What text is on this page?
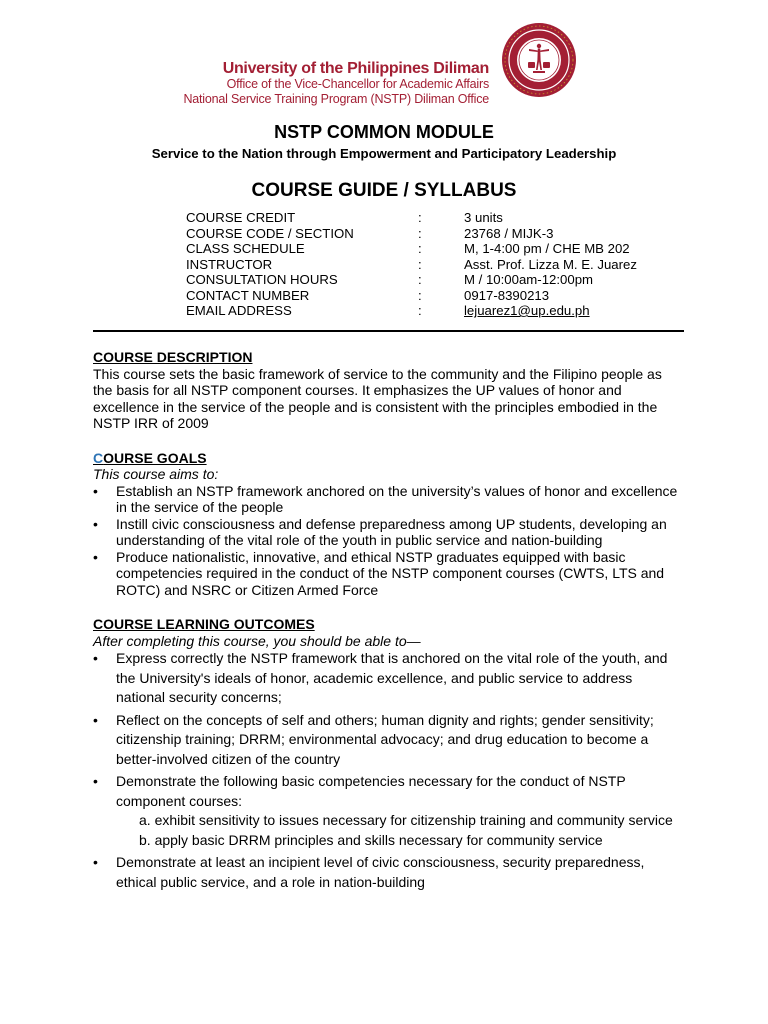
University of the Philippines Diliman
Office of the Vice-Chancellor for Academic Affairs
National Service Training Program (NSTP) Diliman Office
NSTP COMMON MODULE
Service to the Nation through Empowerment and Participatory Leadership
COURSE GUIDE / SYLLABUS
COURSE CREDIT	:	3 units
COURSE CODE / SECTION	:	23768 / MIJK-3
CLASS SCHEDULE	:	M, 1-4:00 pm / CHE MB 202
INSTRUCTOR	:	Asst. Prof. Lizza M. E. Juarez
CONSULTATION HOURS	:	M / 10:00am-12:00pm
CONTACT NUMBER	:	0917-8390213
EMAIL ADDRESS	:	lejuarez1@up.edu.ph
COURSE DESCRIPTION

This course sets the basic framework of service to the community and the Filipino people as the basis for all NSTP component courses. It emphasizes the UP values of honor and excellence in the service of the people and is consistent with the principles embodied in the NSTP IRR of 2009

COURSE GOALS
This course aims to:
• Establish an NSTP framework anchored on the university’s values of honor and excellence in the service of the people
• Instill civic consciousness and defense preparedness among UP students, developing an understanding of the vital role of the youth in public service and nation-building
• Produce nationalistic, innovative, and ethical NSTP graduates equipped with basic competencies required in the conduct of the NSTP component courses (CWTS, LTS and ROTC) and NSRC or Citizen Armed Force
COURSE LEARNING OUTCOMES
After completing this course, you should be able to—
• Express correctly the NSTP framework that is anchored on the vital role of the youth, and the University's ideals of honor, academic excellence, and public service to address national security concerns;
• Reflect on the concepts of self and others; human dignity and rights; gender sensitivity; citizenship training; DRRM; environmental advocacy; and drug education to become a better-involved citizen of the country
• Demonstrate the following basic competencies necessary for the conduct of NSTP component courses:
a. exhibit sensitivity to issues necessary for citizenship training and community service
b. apply basic DRRM principles and skills necessary for community service
• Demonstrate at least an incipient level of civic consciousness, security preparedness, ethical public service, and a role in nation-building
